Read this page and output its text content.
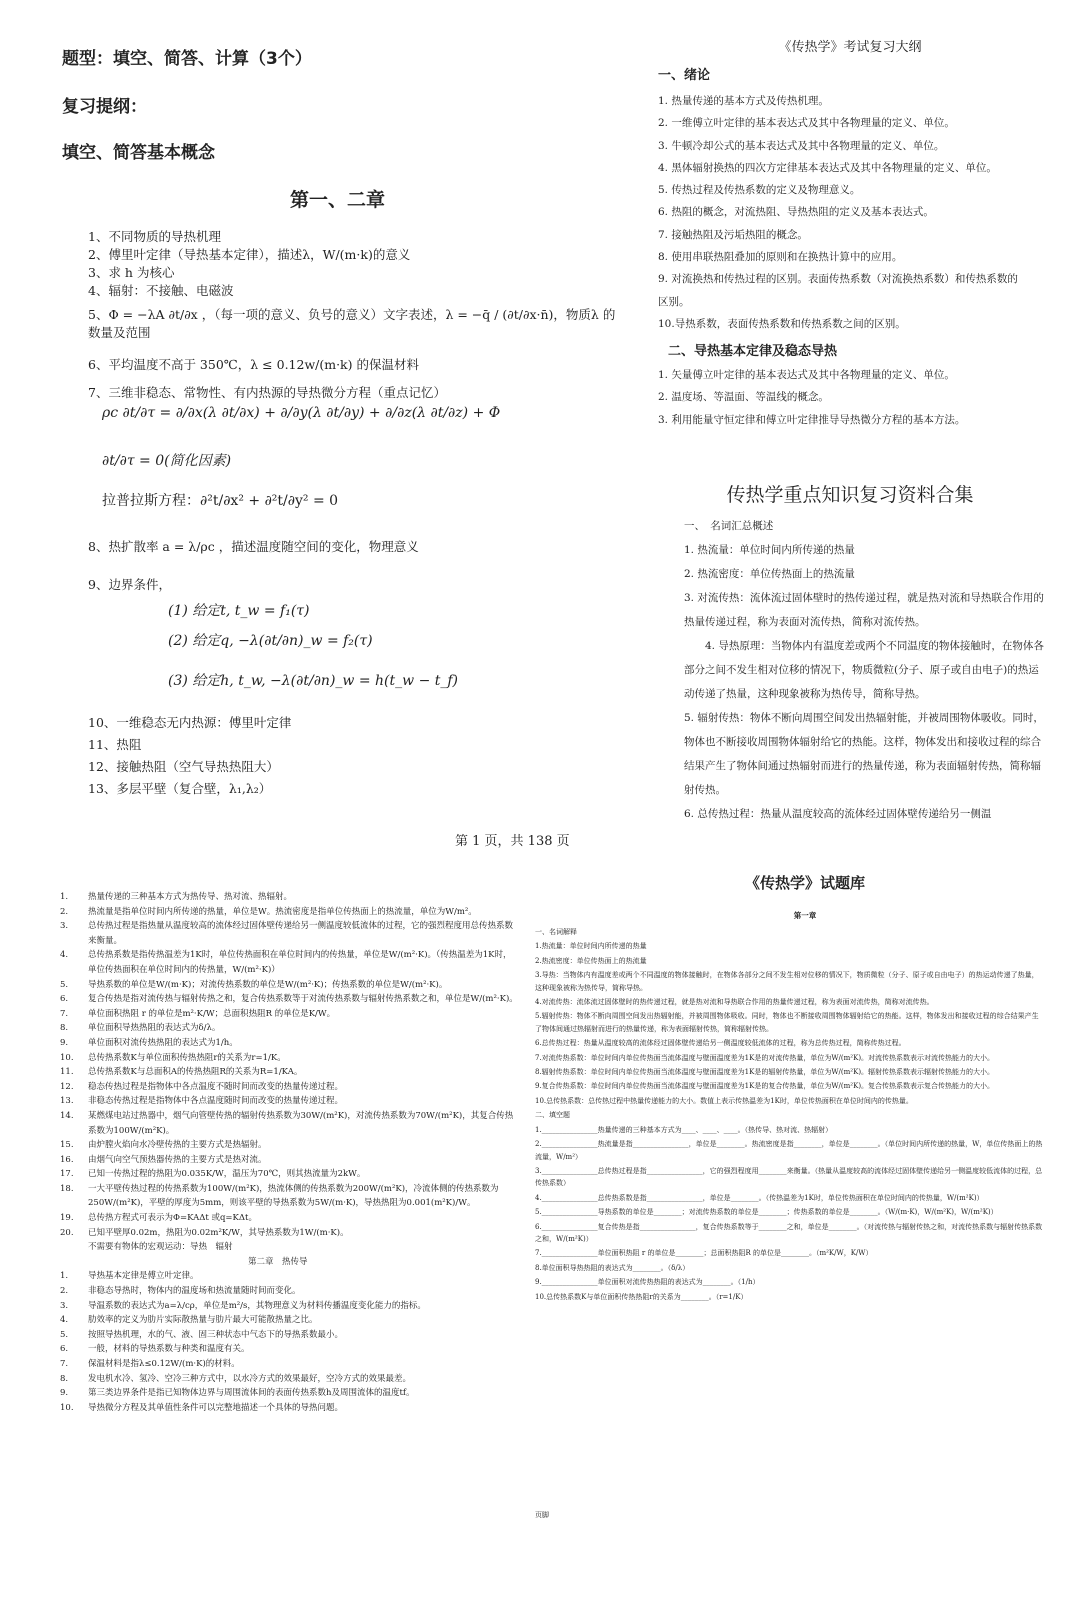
题型：填空、简答、计算（3个）

复习提纲：

填空、简答基本概念

第一、二章
1、不同物质的导热机理
2、傅里叶定律（导热基本定律），描述λ，W/(m·k)的意义
3、求 h 为核心
4、辐射：不接触、电磁波
5、Φ = −λA ∂t/∂x ，（每一项的意义、负号的意义）文字表述，λ = −q̄ / (∂t/∂x·n̄)，物质λ 的数量及范围
6、平均温度不高于 350℃，λ ≤ 0.12w/(m·k) 的保温材料
7、三维非稳态、常物性、有内热源的导热微分方程（重点记忆）
ρc ∂t/∂τ = ∂/∂x(λ ∂t/∂x) + ∂/∂y(λ ∂t/∂y) + ∂/∂z(λ ∂t/∂z) + Φ
∂t/∂τ = 0(简化因素)
拉普拉斯方程：∂²t/∂x² + ∂²t/∂y² = 0
8、热扩散率 a = λ/ρc ，描述温度随空间的变化，物理意义
9、边界条件，
(1) 给定t, t_w = f₁(τ)
(2) 给定q, −λ(∂t/∂n)_w = f₂(τ)
(3) 给定h, t_w, −λ(∂t/∂n)_w = h(t_w − t_f)
10、一维稳态无内热源：傅里叶定律
11、热阻
12、接触热阻（空气导热热阻大）
13、多层平壁（复合壁，λ₁,λ₂）
第 1 页，共 138 页

《传热学》考试复习大纲

一、绪论
1. 热量传递的基本方式及传热机理。
2. 一维傅立叶定律的基本表达式及其中各物理量的定义、单位。
3. 牛顿冷却公式的基本表达式及其中各物理量的定义、单位。
4. 黑体辐射换热的四次方定律基本表达式及其中各物理量的定义、单位。
5. 传热过程及传热系数的定义及物理意义。
6. 热阻的概念，对流热阻、导热热阻的定义及基本表达式。
7. 接触热阻及污垢热阻的概念。
8. 使用串联热阻叠加的原则和在换热计算中的应用。
9. 对流换热和传热过程的区别。表面传热系数（对流换热系数）和传热系数的
区别。
10.导热系数，表面传热系数和传热系数之间的区别。
二、导热基本定律及稳态导热
1. 矢量傅立叶定律的基本表达式及其中各物理量的定义、单位。
2. 温度场、等温面、等温线的概念。
3. 利用能量守恒定律和傅立叶定律推导导热微分方程的基本方法。
传热学重点知识复习资料合集
一、　名词汇总概述
1. 热流量：单位时间内所传递的热量
2. 热流密度：单位传热面上的热流量
3. 对流传热：流体流过固体壁时的热传递过程，就是热对流和导热联合作用的热量传递过程，称为表面对流传热，简称对流传热。
4. 导热原理：当物体内有温度差或两个不同温度的物体接触时，在物体各部分之间不发生相对位移的情况下，物质微粒(分子、原子或自由电子)的热运动传递了热量，这种现象被称为热传导，简称导热。
5. 辐射传热：物体不断向周围空间发出热辐射能，并被周围物体吸收。同时，物体也不断接收周围物体辐射给它的热能。这样，物体发出和接收过程的综合结果产生了物体间通过热辐射而进行的热量传递，称为表面辐射传热，简称辐射传热。
6. 总传热过程：热量从温度较高的流体经过固体壁传递给另一侧温
1.	热量传递的三种基本方式为热传导、热对流、热辐射。
2.	热流量是指单位时间内所传递的热量，单位是W。热流密度是指单位传热面上的热流量，单位为W/m²。
3.	总传热过程是指热量从温度较高的流体经过固体壁传递给另一侧温度较低流体的过程，它的强烈程度用总传热系数来衡量。
4.	总传热系数是指传热温差为1K时，单位传热面积在单位时间内的传热量，单位是W/(m²·K)。（传热温差为1K时，单位传热面积在单位时间内的传热量，W/(m²·K)）
5.	导热系数的单位是W/(m·K)；对流传热系数的单位是W/(m²·K)；传热系数的单位是W/(m²·K)。
6.	复合传热是指对流传热与辐射传热之和，复合传热系数等于对流传热系数与辐射传热系数之和，单位是W/(m²·K)。
7.	单位面积热阻 r 的单位是m²·K/W；总面积热阻R 的单位是K/W。
8.	单位面积导热热阻的表达式为δ/λ。
9.	单位面积对流传热热阻的表达式为1/h。
10.	总传热系数K与单位面积传热热阻r的关系为r=1/K。
11.	总传热系数K与总面积A的传热热阻R的关系为R=1/KA。
12.	稳态传热过程是指物体中各点温度不随时间而改变的热量传递过程。
13.	非稳态传热过程是指物体中各点温度随时间而改变的热量传递过程。
14.	某燃煤电站过热器中，烟气向管壁传热的辐射传热系数为30W/(m²K)，对流传热系数为70W/(m²K)，其复合传热系数为100W/(m²K)。
15.	由炉膛火焰向水冷壁传热的主要方式是热辐射。
16.	由烟气向空气预热器传热的主要方式是热对流。
17.	已知一传热过程的热阻为0.035K/W，温压为70℃，则其热流量为2kW。
18.	一大平壁传热过程的传热系数为100W/(m²K)，热流体侧的传热系数为200W/(m²K)，冷流体侧的传热系数为250W/(m²K)，平壁的厚度为5mm，则该平壁的导热系数为5W/(m·K)，导热热阻为0.001(m²K)/W。
19.	总传热方程式可表示为Φ=KAΔt 或q=KΔt。
20.	已知平壁厚0.02m，热阻为0.02m²K/W，其导热系数为1W/(m·K)。
不需要有物体的宏观运动：导热　辐射
第二章　热传导
1.	导热基本定律是傅立叶定律。
2.	非稳态导热时，物体内的温度场和热流量随时间而变化。
3.	导温系数的表达式为a=λ/cρ，单位是m²/s，其物理意义为材料传播温度变化能力的指标。
4.	肋效率的定义为肋片实际散热量与肋片最大可能散热量之比。
5.	按照导热机理，水的气、液、固三种状态中气态下的导热系数最小。
6.	一般，材料的导热系数与种类和温度有关。
7.	保温材料是指λ≤0.12W/(m·K)的材料。
8.	发电机水冷、氢冷、空冷三种方式中，以水冷方式的效果最好，空冷方式的效果最差。
9.	第三类边界条件是指已知物体边界与周围流体间的表面传热系数h及周围流体的温度tf。
10.	导热微分方程及其单值性条件可以完整地描述一个具体的导热问题。
《传热学》试题库
第一章
一、名词解释
1.热流量：单位时间内所传递的热量
2.热流密度：单位传热面上的热流量
3.导热：当物体内有温度差或两个不同温度的物体接触时，在物体各部分之间不发生相对位移的情况下，物质微粒（分子、原子或自由电子）的热运动传递了热量，这种现象被称为热传导，简称导热。
4.对流传热：流体流过固体壁时的热传递过程，就是热对流和导热联合作用的热量传递过程，称为表面对流传热，简称对流传热。
5.辐射传热：物体不断向周围空间发出热辐射能，并被周围物体吸收。同时，物体也不断接收周围物体辐射给它的热能。这样，物体发出和接收过程的综合结果产生了物体间通过热辐射而进行的热量传递，称为表面辐射传热，简称辐射传热。
6.总传热过程：热量从温度较高的流体经过固体壁传递给另一侧温度较低流体的过程，称为总传热过程，简称传热过程。
7.对流传热系数：单位时间内单位传热面当流体温度与壁面温度差为1K是的对流传热量，单位为W/(m²K)。对流传热系数表示对流传热能力的大小。
8.辐射传热系数：单位时间内单位传热面当流体温度与壁面温度差为1K是的辐射传热量，单位为W/(m²K)。辐射传热系数表示辐射传热能力的大小。
9.复合传热系数：单位时间内单位传热面当流体温度与壁面温度差为1K是的复合传热量，单位为W/(m²K)。复合传热系数表示复合传热能力的大小。
10.总传热系数：总传热过程中热量传递能力的大小。数值上表示传热温差为1K时，单位传热面积在单位时间内的传热量。
二、填空题
1.________________热量传递的三种基本方式为____、____、____。（热传导、热对流、热辐射）
2.________________热流量是指________________，单位是________。热流密度是指________，单位是________。（单位时间内所传递的热量，W，单位传热面上的热流量，W/m²）
3.________________总传热过程是指________________，它的强烈程度用________来衡量。（热量从温度较高的流体经过固体壁传递给另一侧温度较低流体的过程，总传热系数）
4.________________总传热系数是指________________，单位是________。（传热温差为1K时，单位传热面积在单位时间内的传热量，W/(m²K)）
5.________________导热系数的单位是________；对流传热系数的单位是________；传热系数的单位是________。（W/(m·K)，W/(m²K)，W/(m²K)）
6.________________复合传热是指________________，复合传热系数等于________之和，单位是________。（对流传热与辐射传热之和，对流传热系数与辐射传热系数之和，W/(m²K)）
7.________________单位面积热阻 r 的单位是________；总面积热阻R 的单位是________。（m²K/W，K/W）
8.单位面积导热热阻的表达式为________。（δ/λ）
9.________________单位面积对流传热热阻的表达式为________。（1/h）
10.总传热系数K与单位面积传热热阻r的关系为________。（r=1/K）
页脚
